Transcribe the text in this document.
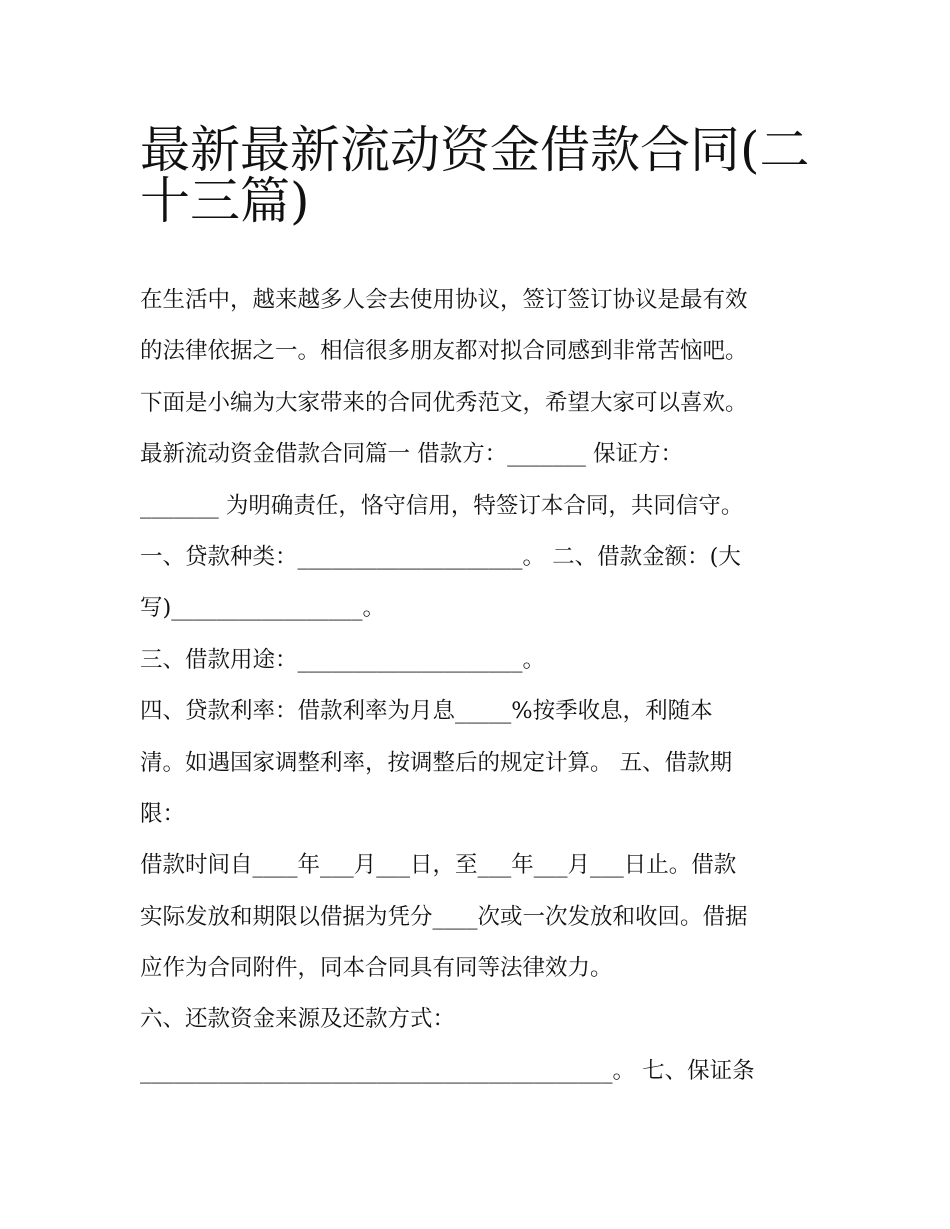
最新最新流动资金借款合同(二
十三篇)
在生活中，越来越多人会去使用协议，签订签订协议是最有效
的法律依据之一。相信很多朋友都对拟合同感到非常苦恼吧。
下面是小编为大家带来的合同优秀范文，希望大家可以喜欢。
最新流动资金借款合同篇一 借款方：_______ 保证方：
_______ 为明确责任，恪守信用，特签订本合同，共同信守。
一、贷款种类：____________________。 二、借款金额：(大
写)_________________。
三、借款用途：____________________。
四、贷款利率：借款利率为月息_____%按季收息，利随本
清。如遇国家调整利率，按调整后的规定计算。 五、借款期
限：
借款时间自____年___月___日，至___年___月___日止。借款
实际发放和期限以借据为凭分____次或一次发放和收回。借据
应作为合同附件，同本合同具有同等法律效力。
六、还款资金来源及还款方式：
__________________________________________。 七、保证条
